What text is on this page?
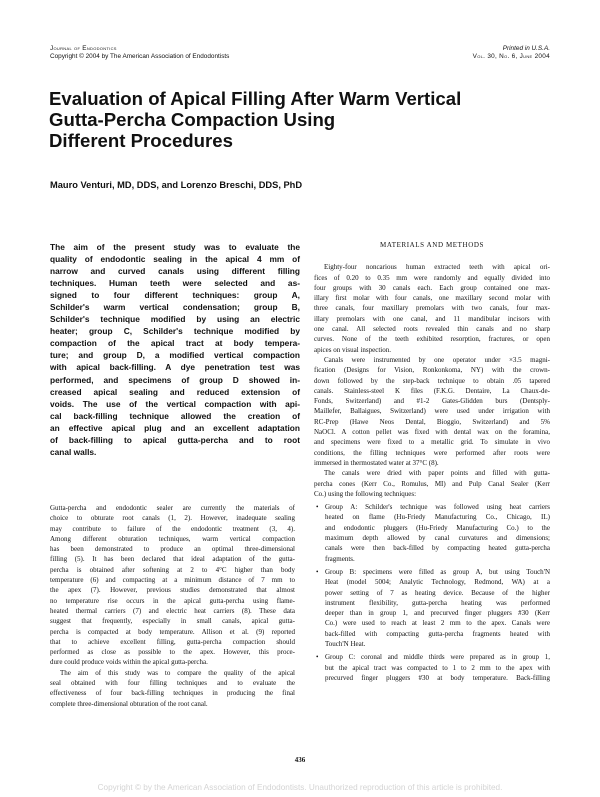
Journal of Endodontics
Copyright © 2004 by The American Association of Endodontists
Printed in U.S.A.
Vol. 30, No. 6, June 2004
Evaluation of Apical Filling After Warm Vertical
Gutta-Percha Compaction Using
Different Procedures
Mauro Venturi, MD, DDS, and Lorenzo Breschi, DDS, PhD
The aim of the present study was to evaluate the
quality of endodontic sealing in the apical 4 mm of
narrow and curved canals using different filling
techniques. Human teeth were selected and as-
signed to four different techniques: group A,
Schilder's warm vertical condensation; group B,
Schilder's technique modified by using an electric
heater; group C, Schilder's technique modified by
compaction of the apical tract at body tempera-
ture; and group D, a modified vertical compaction
with apical back-filling. A dye penetration test was
performed, and specimens of group D showed in-
creased apical sealing and reduced extension of
voids. The use of the vertical compaction with api-
cal back-filling technique allowed the creation of
an effective apical plug and an excellent adaptation
of back-filling to apical gutta-percha and to root
canal walls.
Gutta-percha and endodontic sealer are currently the materials of
choice to obturate root canals (1, 2). However, inadequate sealing
may contribute to failure of the endodontic treatment (3, 4).
Among different obturation techniques, warm vertical compaction
has been demonstrated to produce an optimal three-dimensional
filling (5). It has been declared that ideal adaptation of the gutta-
percha is obtained after softening at 2 to 4°C higher than body
temperature (6) and compacting at a minimum distance of 7 mm to
the apex (7). However, previous studies demonstrated that almost
no temperature rise occurs in the apical gutta-percha using flame-
heated thermal carriers (7) and electric heat carriers (8). These data
suggest that frequently, especially in small canals, apical gutta-
percha is compacted at body temperature. Allison et al. (9) reported
that to achieve excellent filling, gutta-percha compaction should
performed as close as possible to the apex. However, this proce-
dure could produce voids within the apical gutta-percha.
The aim of this study was to compare the quality of the apical
seal obtained with four filling techniques and to evaluate the
effectiveness of four back-filling techniques in producing the final
complete three-dimensional obturation of the root canal.
MATERIALS AND METHODS
Eighty-four noncarious human extracted teeth with apical ori-
fices of 0.20 to 0.35 mm were randomly and equally divided into
four groups with 30 canals each. Each group contained one max-
illary first molar with four canals, one maxillary second molar with
three canals, four maxillary premolars with two canals, four max-
illary premolars with one canal, and 11 mandibular incisors with
one canal. All selected roots revealed thin canals and no sharp
curves. None of the teeth exhibited resorption, fractures, or open
apices on visual inspection.
Canals were instrumented by one operator under ×3.5 magni-
fication (Designs for Vision, Ronkonkoma, NY) with the crown-
down followed by the step-back technique to obtain .05 tapered
canals. Stainless-steel K files (F.K.G. Dentaire, La Chaux-de-
Fonds, Switzerland) and #1-2 Gates-Glidden burs (Dentsply-
Maillefer, Ballaigues, Switzerland) were used under irrigation with
RC-Prep (Hawe Neos Dental, Bioggio, Switzerland) and 5%
NaOCl. A cotton pellet was fixed with dental wax on the foramina,
and specimens were fixed to a metallic grid. To simulate in vivo
conditions, the filling techniques were performed after roots were
immersed in thermostated water at 37°C (8).
The canals were dried with paper points and filled with gutta-
percha cones (Kerr Co., Romulus, MI) and Pulp Canal Sealer (Kerr
Co.) using the following techniques:
• Group A: Schilder's technique was followed using heat carriers
heated on flame (Hu-Friedy Manufacturing Co., Chicago, IL)
and endodontic pluggers (Hu-Friedy Manufacturing Co.) to the
maximum depth allowed by canal curvatures and dimensions;
canals were then back-filled by compacting heated gutta-percha
fragments.
• Group B: specimens were filled as group A, but using Touch'N
Heat (model 5004; Analytic Technology, Redmond, WA) at a
power setting of 7 as heating device. Because of the higher
instrument flexibility, gutta-percha heating was performed
deeper than in group 1, and precurved finger pluggers #30 (Kerr
Co.) were used to reach at least 2 mm to the apex. Canals were
back-filled with compacting gutta-percha fragments heated with
Touch'N Heat.
• Group C: coronal and middle thirds were prepared as in group 1,
but the apical tract was compacted to 1 to 2 mm to the apex with
precurved finger pluggers #30 at body temperature. Back-filling
436
Copyright © by the American Association of Endodontists. Unauthorized reproduction of this article is prohibited.
